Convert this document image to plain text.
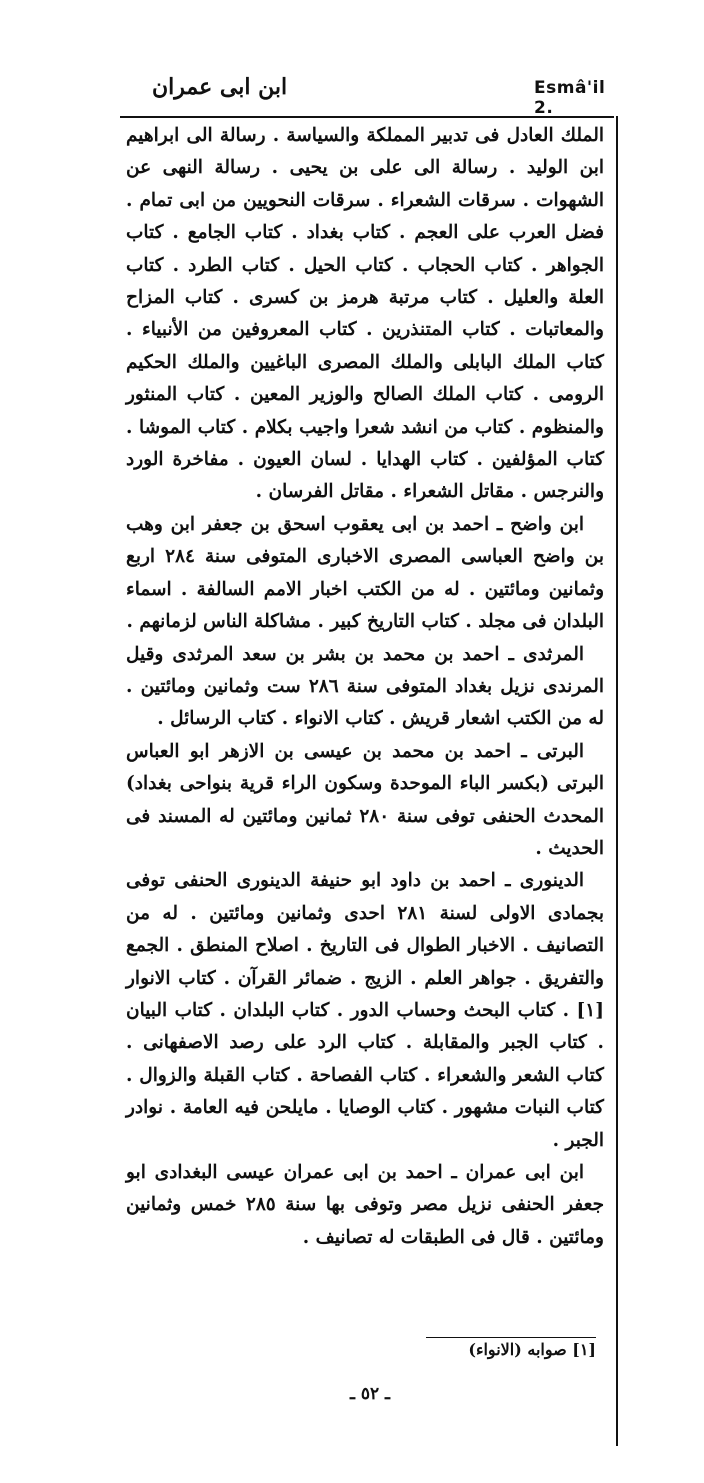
ابن ابى عمران	Esmâ'il 2.

الملك العادل فى تدبير المملكة والسياسة . رسالة الى ابراهيم ابن الوليد . رسالة الى على بن يحيى . رسالة النهى عن الشهوات . سرقات الشعراء . سرقات النحويين من ابى تمام . فضل العرب على العجم . كتاب بغداد . كتاب الجامع . كتاب الجواهر . كتاب الحجاب . كتاب الحيل . كتاب الطرد . كتاب العلة والعليل . كتاب مرتبة هرمز بن كسرى . كتاب المزاح والمعاتبات . كتاب المتنذرين . كتاب المعروفين من الأنبياء . كتاب الملك البابلى والملك المصرى الباغيين والملك الحكيم الرومى . كتاب الملك الصالح والوزير المعين . كتاب المنثور والمنظوم . كتاب من انشد شعرا واجيب بكلام . كتاب الموشا . كتاب المؤلفين . كتاب الهدايا . لسان العيون . مفاخرة الورد والنرجس . مقاتل الشعراء . مقاتل الفرسان .

ابن واضح ـ احمد بن ابى يعقوب اسحق بن جعفر ابن وهب بن واضح العباسى المصرى الاخبارى المتوفى سنة ٢٨٤ اربع وثمانين ومائتين . له من الكتب اخبار الامم السالفة . اسماء البلدان فى مجلد . كتاب التاريخ كبير . مشاكلة الناس لزمانهم .

المرثدى ـ احمد بن محمد بن بشر بن سعد المرثدى وقيل المرندى نزيل بغداد المتوفى سنة ٢٨٦ ست وثمانين ومائتين . له من الكتب اشعار قريش . كتاب الانواء . كتاب الرسائل .

البرتى ـ احمد بن محمد بن عيسى بن الازهر ابو العباس البرتى (بكسر الباء الموحدة وسكون الراء قرية بنواحى بغداد) المحدث الحنفى توفى سنة ٢٨٠ ثمانين ومائتين له المسند فى الحديث .

الدينورى ـ احمد بن داود ابو حنيفة الدينورى الحنفى توفى بجمادى الاولى لسنة ٢٨١ احدى وثمانين ومائتين . له من التصانيف . الاخبار الطوال فى التاريخ . اصلاح المنطق . الجمع والتفريق . جواهر العلم . الزيج . ضمائر القرآن . كتاب الانوار [١] . كتاب البحث وحساب الدور . كتاب البلدان . كتاب البيان . كتاب الجبر والمقابلة . كتاب الرد على رصد الاصفهانى . كتاب الشعر والشعراء . كتاب الفصاحة . كتاب القبلة والزوال . كتاب النبات مشهور . كتاب الوصايا . مايلحن فيه العامة . نوادر الجبر .

ابن ابى عمران ـ احمد بن ابى عمران عيسى البغدادى ابو جعفر الحنفى نزيل مصر وتوفى بها سنة ٢٨٥ خمس وثمانين ومائتين . قال فى الطبقات له تصانيف .

[١] صوابه (الانواء)
ـ ٥٢ ـ
